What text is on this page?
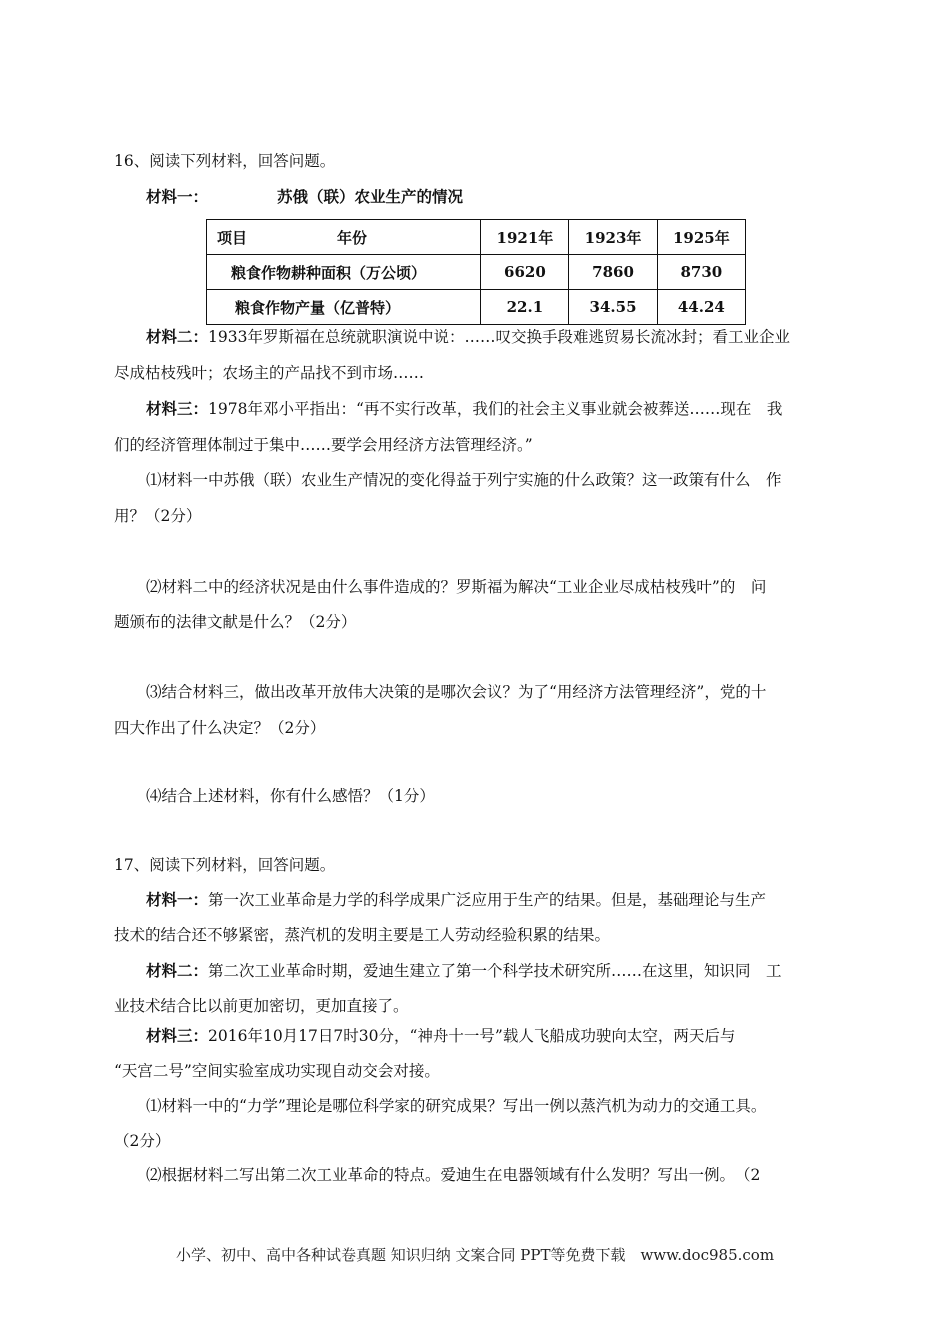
16、阅读下列材料，回答问题。
材料一：	苏俄（联）农业生产的情况
项目 年份	1921年	1923年	1925年
粮食作物耕种面积（万公顷）	6620	7860	8730
粮食作物产量（亿普特）	22.1	34.55	44.24
材料二：1933年罗斯福在总统就职演说中说：……叹交换手段难逃贸易长流冰封；看工业企业
尽成枯枝残叶；农场主的产品找不到市场……
材料三：1978年邓小平指出：“再不实行改革，我们的社会主义事业就会被葬送……现在　我
们的经济管理体制过于集中……要学会用经济方法管理经济。”
⑴材料一中苏俄（联）农业生产情况的变化得益于列宁实施的什么政策？这一政策有什么　作
用？（2分）
⑵材料二中的经济状况是由什么事件造成的？罗斯福为解决“工业企业尽成枯枝残叶”的　问
题颁布的法律文献是什么？（2分）
⑶结合材料三，做出改革开放伟大决策的是哪次会议？为了“用经济方法管理经济”，党的十
四大作出了什么决定？（2分）
⑷结合上述材料，你有什么感悟？（1分）
17、阅读下列材料，回答问题。
材料一：第一次工业革命是力学的科学成果广泛应用于生产的结果。但是，基础理论与生产
技术的结合还不够紧密，蒸汽机的发明主要是工人劳动经验积累的结果。
材料二：第二次工业革命时期，爱迪生建立了第一个科学技术研究所……在这里，知识同　工
业技术结合比以前更加密切，更加直接了。
材料三：2016年10月17日7时30分，“神舟十一号”载人飞船成功驶向太空，两天后与
“天宫二号”空间实验室成功实现自动交会对接。
⑴材料一中的“力学”理论是哪位科学家的研究成果？写出一例以蒸汽机为动力的交通工具。
（2分）
⑵根据材料二写出第二次工业革命的特点。爱迪生在电器领域有什么发明？写出一例。　（2
小学、初中、高中各种试卷真题 知识归纳 文案合同 PPT等免费下载　www.doc985.com
